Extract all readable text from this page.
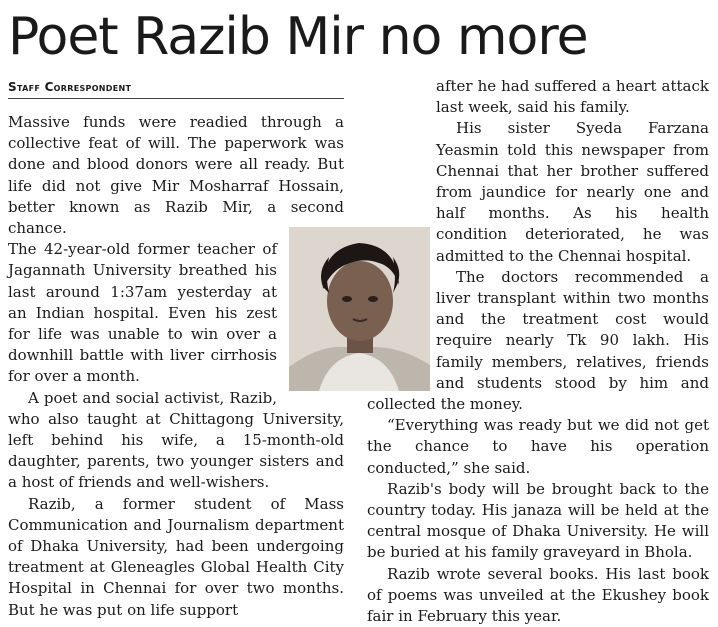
Poet Razib Mir no more
Staff Correspondent

Massive funds were readied through a collective feat of will. The paperwork was done and blood donors were all ready. But life did not give Mir Mosharraf Hossain, better known as Razib Mir, a second chance.

The 42-year-old former teacher of Jagannath University breathed his last around 1:37am yesterday at an Indian hospital. Even his zest for life was unable to win over a downhill battle with liver cirrhosis for over a month.

A poet and social activist, Razib, who also taught at Chittagong University, left behind his wife, a 15-month-old daughter, parents, two younger sisters and a host of friends and well-wishers.

Razib, a former student of Mass Communication and Journalism department of Dhaka University, had been undergoing treatment at Gleneagles Global Health City Hospital in Chennai for over two months. But he was put on life support

after he had suffered a heart attack last week, said his family.

His sister Syeda Farzana Yeasmin told this newspaper from Chennai that her brother suffered from jaundice for nearly one and half months. As his health condition deteriorated, he was admitted to the Chennai hospital.

The doctors recommended a liver transplant within two months and the treatment cost would require nearly Tk 90 lakh. His family members, relatives, friends and students stood by him and collected the money.

“Everything was ready but we did not get the chance to have his operation conducted,” she said.

Razib's body will be brought back to the country today. His janaza will be held at the central mosque of Dhaka University. He will be buried at his family graveyard in Bhola.

Razib wrote several books. His last book of poems was unveiled at the Ekushey book fair in February this year.
